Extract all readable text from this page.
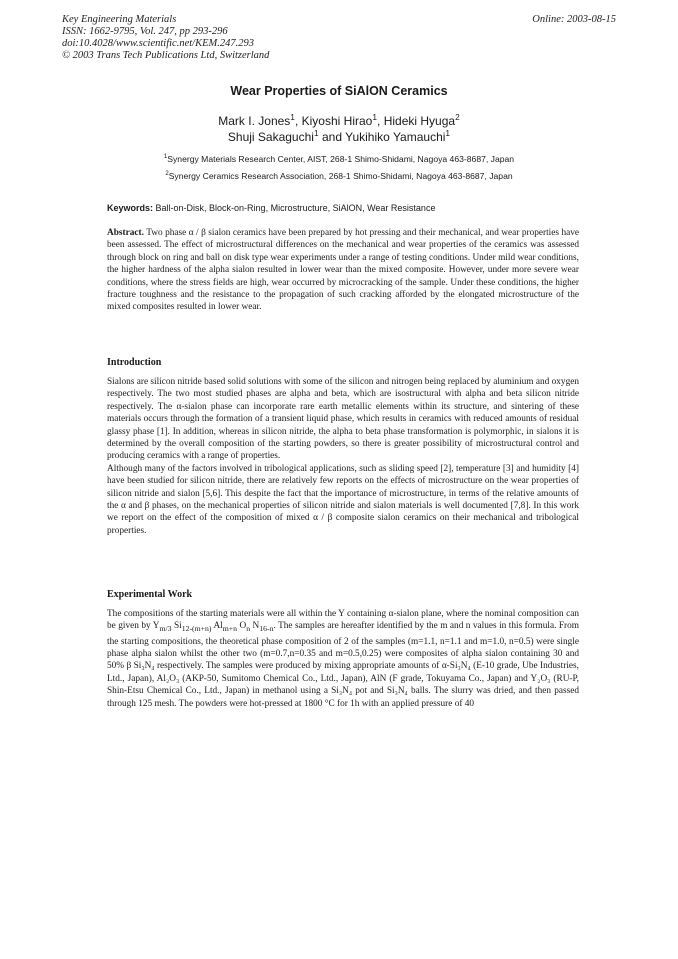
Key Engineering Materials
ISSN: 1662-9795, Vol. 247, pp 293-296
doi:10.4028/www.scientific.net/KEM.247.293
© 2003 Trans Tech Publications Ltd, Switzerland
Online: 2003-08-15
Wear Properties of SiAlON Ceramics
Mark I. Jones$^1$, Kiyoshi Hirao$^1$, Hideki Hyuga$^2$
Shuji Sakaguchi$^1$ and Yukihiko Yamauchi$^1$
$^1$Synergy Materials Research Center, AIST, 268-1 Shimo-Shidami, Nagoya 463-8687, Japan
$^2$Synergy Ceramics Research Association, 268-1 Shimo-Shidami, Nagoya 463-8687, Japan
Keywords: Ball-on-Disk, Block-on-Ring, Microstructure, SiAlON, Wear Resistance
Abstract. Two phase α / β sialon ceramics have been prepared by hot pressing and their mechanical, and wear properties have been assessed. The effect of microstructural differences on the mechanical and wear properties of the ceramics was assessed through block on ring and ball on disk type wear experiments under a range of testing conditions. Under mild wear conditions, the higher hardness of the alpha sialon resulted in lower wear than the mixed composite. However, under more severe wear conditions, where the stress fields are high, wear occurred by microcracking of the sample. Under these conditions, the higher fracture toughness and the resistance to the propagation of such cracking afforded by the elongated microstructure of the mixed composites resulted in lower wear.
Introduction

Sialons are silicon nitride based solid solutions with some of the silicon and nitrogen being replaced by aluminium and oxygen respectively. The two most studied phases are alpha and beta, which are isostructural with alpha and beta silicon nitride respectively. The α-sialon phase can incorporate rare earth metallic elements within its structure, and sintering of these materials occurs through the formation of a transient liquid phase, which results in ceramics with reduced amounts of residual glassy phase [1]. In addition, whereas in silicon nitride, the alpha to beta phase transformation is polymorphic, in sialons it is determined by the overall composition of the starting powders, so there is greater possibility of microstructural control and producing ceramics with a range of properties.

Although many of the factors involved in tribological applications, such as sliding speed [2], temperature [3] and humidity [4] have been studied for silicon nitride, there are relatively few reports on the effects of microstructure on the wear properties of silicon nitride and sialon [5,6]. This despite the fact that the importance of microstructure, in terms of the relative amounts of the α and β phases, on the mechanical properties of silicon nitride and sialon materials is well documented [7,8]. In this work we report on the effect of the composition of mixed α / β composite sialon ceramics on their mechanical and tribological properties.

Experimental Work

The compositions of the starting materials were all within the Y containing α-sialon plane, where the nominal composition can be given by $Y_{m/3}$ $Si_{12-(m+n)}$ $Al_{m+n}$ $O_n$ $N_{16-n}$. The samples are hereafter identified by the m and n values in this formula. From the starting compositions, the theoretical phase composition of 2 of the samples (m=1.1, n=1.1 and m=1.0, n=0.5) were single phase alpha sialon whilst the other two (m=0.7,n=0.35 and m=0.5,0.25) were composites of alpha sialon containing 30 and 50% β Si₃N₄ respectively. The samples were produced by mixing appropriate amounts of α-Si₃N₄ (E-10 grade, Ube Industries, Ltd., Japan), Al₂O₃ (AKP-50, Sumitomo Chemical Co., Ltd., Japan), AlN (F grade, Tokuyama Co., Japan) and Y₂O₃ (RU-P, Shin-Etsu Chemical Co., Ltd., Japan) in methanol using a Si₃N₄ pot and Si₃N₄ balls. The slurry was dried, and then passed through 125 mesh. The powders were hot-pressed at 1800 °C for 1h with an applied pressure of 40
